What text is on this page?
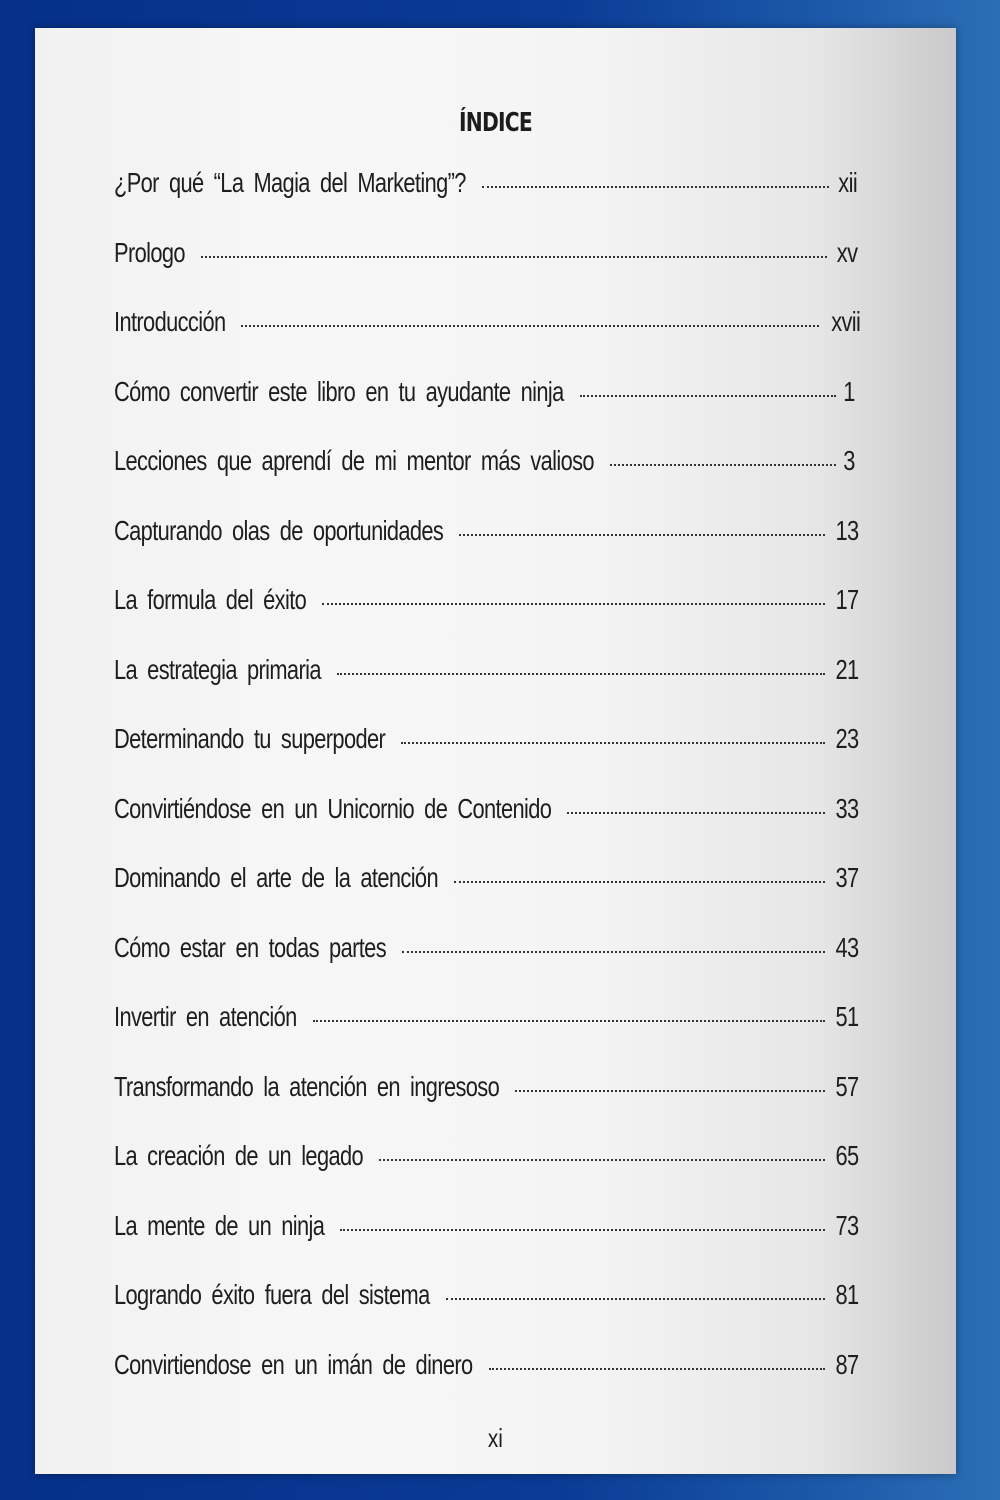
ÍNDICE
¿Por qué “La Magia del Marketing”?	xii
Prologo	xv
Introducción	xvii
Cómo convertir este libro en tu ayudante ninja	1
Lecciones que aprendí de mi mentor más valioso	3
Capturando olas de oportunidades	13
La formula del éxito	17
La estrategia primaria	21
Determinando tu superpoder	23
Convirtiéndose en un Unicornio de Contenido	33
Dominando el arte de la atención	37
Cómo estar en todas partes	43
Invertir en atención	51
Transformando la atención en ingresoso	57
La creación de un legado	65
La mente de un ninja	73
Logrando éxito fuera del sistema	81
Convirtiendose en un imán de dinero	87
xi
